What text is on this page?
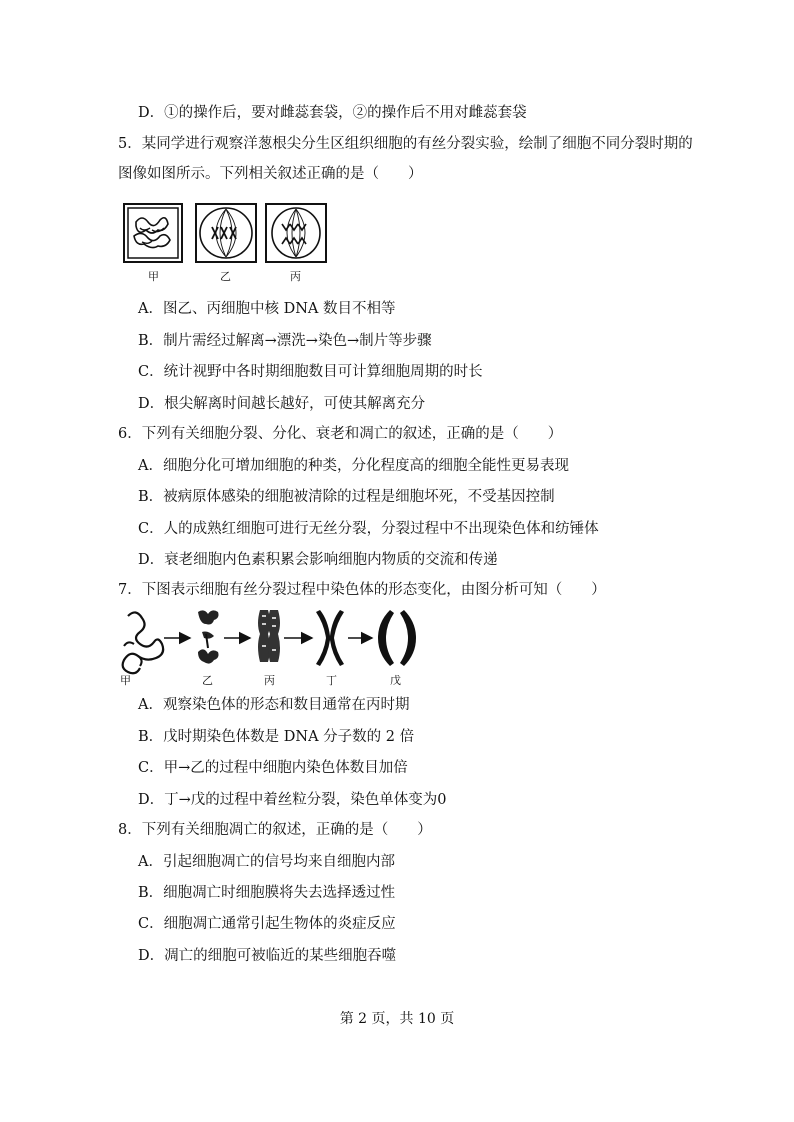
D．①的操作后，要对雌蕊套袋，②的操作后不用对雌蕊套袋
5．某同学进行观察洋葱根尖分生区组织细胞的有丝分裂实验，绘制了细胞不同分裂时期的
图像如图所示。下列相关叙述正确的是（　　）
甲	乙	丙
A．图乙、丙细胞中核 DNA 数目不相等
B．制片需经过解离→漂洗→染色→制片等步骤
C．统计视野中各时期细胞数目可计算细胞周期的时长
D．根尖解离时间越长越好，可使其解离充分
6．下列有关细胞分裂、分化、衰老和凋亡的叙述，正确的是（　　）
A．细胞分化可增加细胞的种类，分化程度高的细胞全能性更易表现
B．被病原体感染的细胞被清除的过程是细胞坏死，不受基因控制
C．人的成熟红细胞可进行无丝分裂，分裂过程中不出现染色体和纺锤体
D．衰老细胞内色素积累会影响细胞内物质的交流和传递
7．下图表示细胞有丝分裂过程中染色体的形态变化，由图分析可知（　　）
甲	乙	丙	丁	戊
A．观察染色体的形态和数目通常在丙时期
B．戊时期染色体数是 DNA 分子数的 2 倍
C．甲→乙的过程中细胞内染色体数目加倍
D．丁→戊的过程中着丝粒分裂，染色单体变为0
8．下列有关细胞凋亡的叙述，正确的是（　　）
A．引起细胞凋亡的信号均来自细胞内部
B．细胞凋亡时细胞膜将失去选择透过性
C．细胞凋亡通常引起生物体的炎症反应
D．凋亡的细胞可被临近的某些细胞吞噬
第 2 页，共 10 页
